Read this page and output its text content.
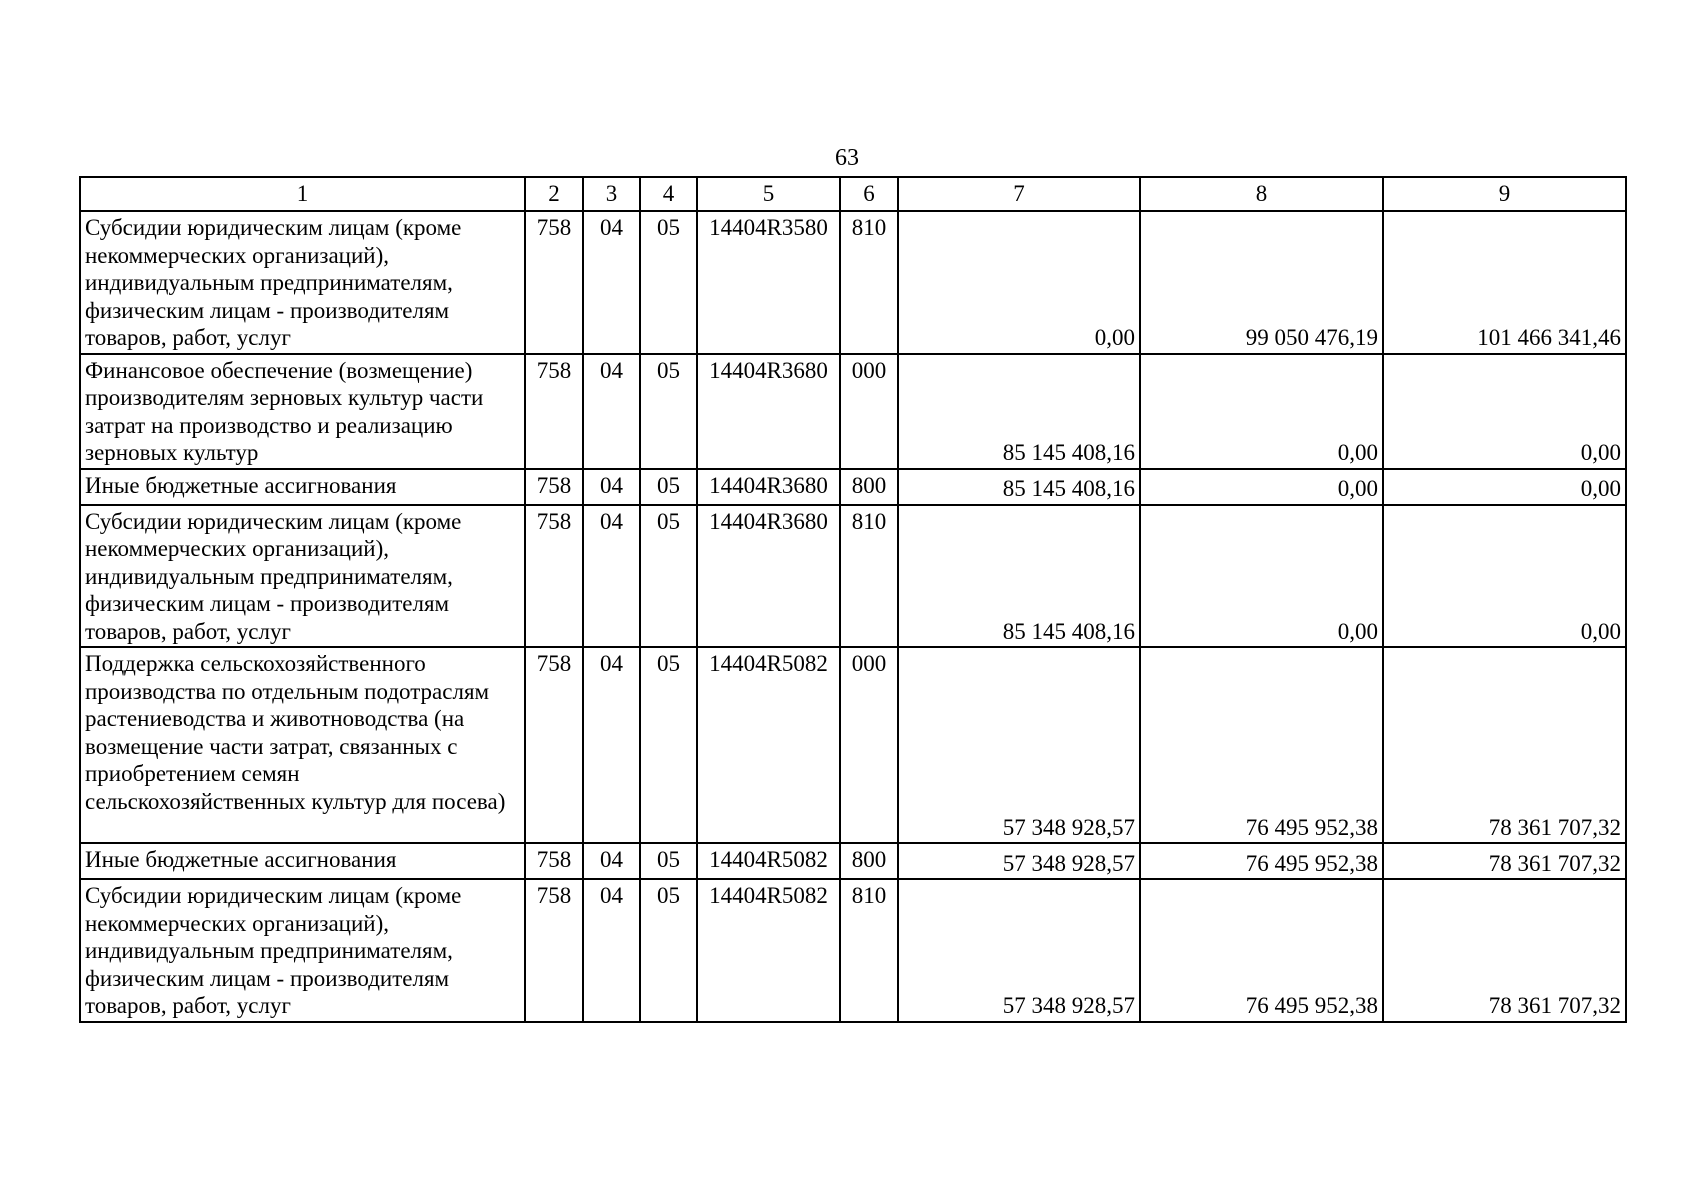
63
1	2	3	4	5	6	7	8	9
Субсидии юридическим лицам (кроме некоммерческих организаций), индивидуальным предпринимателям, физическим лицам - производителям товаров, работ, услуг	758	04	05	14404R3580	810	0,00	99 050 476,19	101 466 341,46
Финансовое обеспечение (возмещение) производителям зерновых культур части затрат на производство и реализацию зерновых культур	758	04	05	14404R3680	000	85 145 408,16	0,00	0,00
Иные бюджетные ассигнования	758	04	05	14404R3680	800	85 145 408,16	0,00	0,00
Субсидии юридическим лицам (кроме некоммерческих организаций), индивидуальным предпринимателям, физическим лицам - производителям товаров, работ, услуг	758	04	05	14404R3680	810	85 145 408,16	0,00	0,00
Поддержка сельскохозяйственного производства по отдельным подотраслям растениеводства и животноводства (на возмещение части затрат, связанных с приобретением семян сельскохозяйственных культур для посева)	758	04	05	14404R5082	000	57 348 928,57	76 495 952,38	78 361 707,32
Иные бюджетные ассигнования	758	04	05	14404R5082	800	57 348 928,57	76 495 952,38	78 361 707,32
Субсидии юридическим лицам (кроме некоммерческих организаций), индивидуальным предпринимателям, физическим лицам - производителям товаров, работ, услуг	758	04	05	14404R5082	810	57 348 928,57	76 495 952,38	78 361 707,32
